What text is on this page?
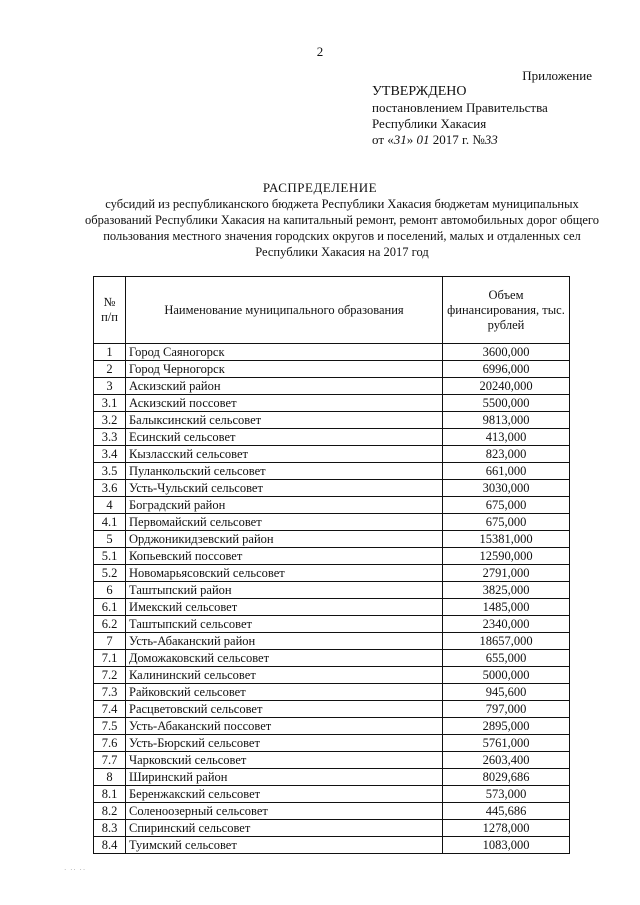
2
Приложение
УТВЕРЖДЕНО
постановлением Правительства
Республики Хакасия
от «31» 01 2017 г. №33
РАСПРЕДЕЛЕНИЕ
субсидий из республиканского бюджета Республики Хакасия бюджетам муниципальных образований Республики Хакасия на капитальный ремонт, ремонт автомобильных дорог общего пользования местного значения городских округов и поселений, малых и отдаленных сел Республики Хакасия на 2017 год
№ п/п	Наименование муниципального образования	Объем финансирования, тыс. рублей
1	Город Саяногорск	3600,000
2	Город Черногорск	6996,000
3	Аскизский район	20240,000
3.1	Аскизский поссовет	5500,000
3.2	Балыксинский сельсовет	9813,000
3.3	Есинский сельсовет	413,000
3.4	Кызласский сельсовет	823,000
3.5	Пуланкольский сельсовет	661,000
3.6	Усть-Чульский сельсовет	3030,000
4	Боградский район	675,000
4.1	Первомайский сельсовет	675,000
5	Орджоникидзевский район	15381,000
5.1	Копьевский поссовет	12590,000
5.2	Новомарьясовский сельсовет	2791,000
6	Таштыпский район	3825,000
6.1	Имекский сельсовет	1485,000
6.2	Таштыпский сельсовет	2340,000
7	Усть-Абаканский район	18657,000
7.1	Доможаковский сельсовет	655,000
7.2	Калининский сельсовет	5000,000
7.3	Райковский сельсовет	945,600
7.4	Расцветовский сельсовет	797,000
7.5	Усть-Абаканский поссовет	2895,000
7.6	Усть-Бюрский сельсовет	5761,000
7.7	Чарковский сельсовет	2603,400
8	Ширинский район	8029,686
8.1	Беренжакский сельсовет	573,000
8.2	Соленоозерный сельсовет	445,686
8.3	Спиринский сельсовет	1278,000
8.4	Туимский сельсовет	1083,000
· ·· ··
